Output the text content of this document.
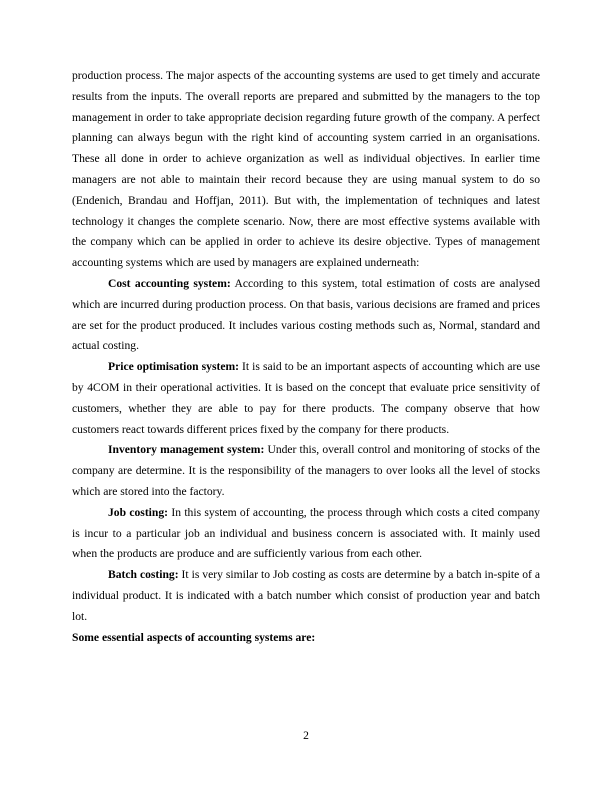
production process. The major aspects of the accounting systems are used to get timely and accurate results from the inputs. The overall reports are prepared and submitted by the managers to the top management in order to take appropriate decision regarding future growth of the company. A perfect planning can always begun with the right kind of accounting system carried in an organisations. These all done in order to achieve organization as well as individual objectives. In earlier time managers are not able to maintain their record because they are using manual system to do so (Endenich, Brandau and Hoffjan, 2011). But with, the implementation of techniques and latest technology it changes the complete scenario. Now, there are most effective systems available with the company which can be applied in order to achieve its desire objective. Types of management accounting systems which are used by managers are explained underneath:

Cost accounting system: According to this system, total estimation of costs are analysed which are incurred during production process. On that basis, various decisions are framed and prices are set for the product produced. It includes various costing methods such as, Normal, standard and actual costing.

Price optimisation system: It is said to be an important aspects of accounting which are use by 4COM in their operational activities. It is based on the concept that evaluate price sensitivity of customers, whether they are able to pay for there products. The company observe that how customers react towards different prices fixed by the company for there products.

Inventory management system: Under this, overall control and monitoring of stocks of the company are determine. It is the responsibility of the managers to over looks all the level of stocks which are stored into the factory.

Job costing: In this system of accounting, the process through which costs a cited company is incur to a particular job an individual and business concern is associated with. It mainly used when the products are produce and are sufficiently various from each other.

Batch costing: It is very similar to Job costing as costs are determine by a batch in-spite of a individual product. It is indicated with a batch number which consist of production year and batch lot.

Some essential aspects of accounting systems are:

2
